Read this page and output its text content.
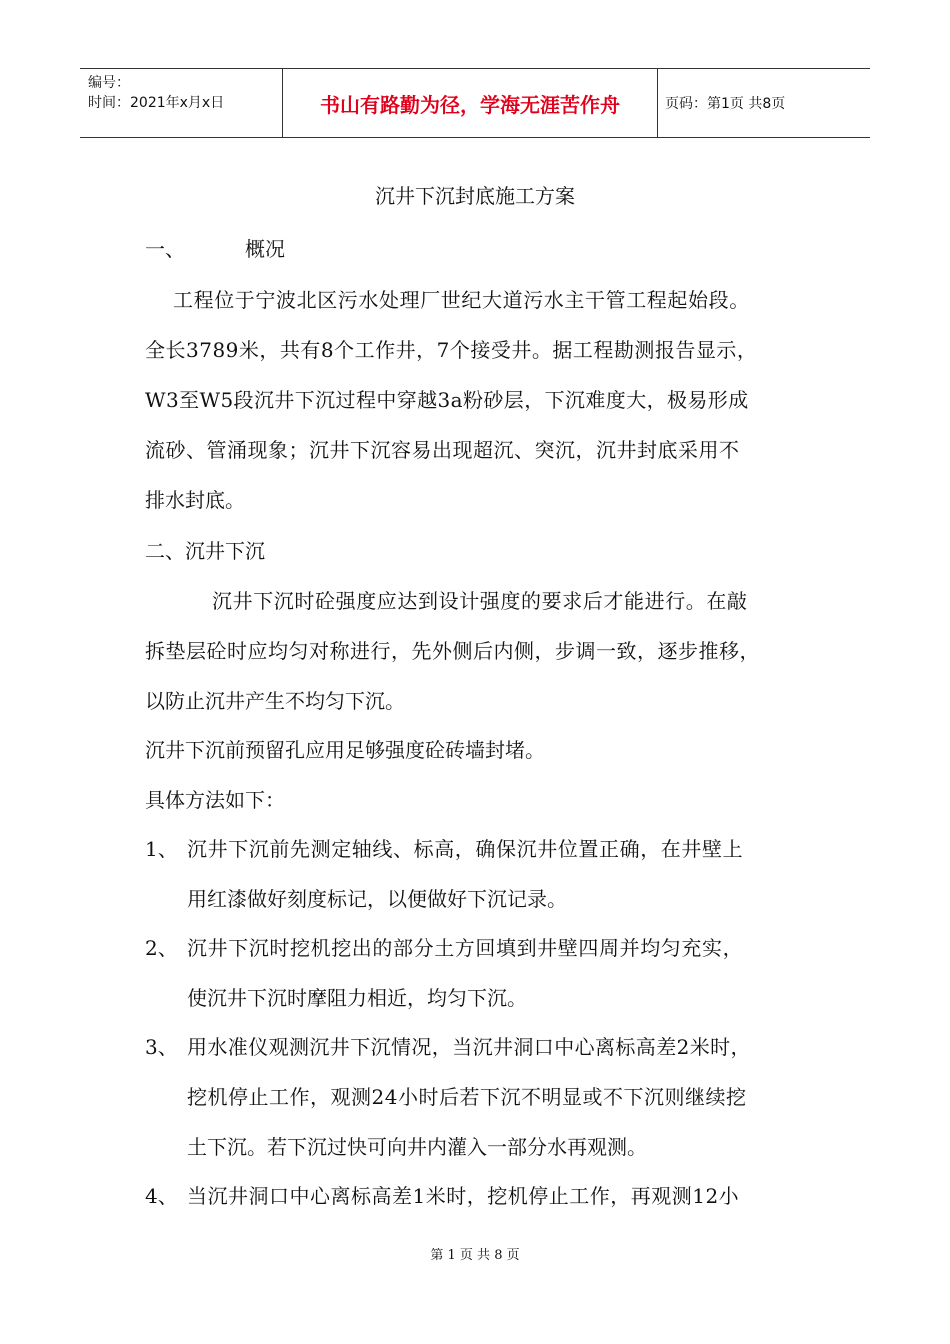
编号：
时间：2021年x月x日	书山有路勤为径，学海无涯苦作舟	页码：第1页 共8页
沉井下沉封底施工方案
一、	概况
工程位于宁波北区污水处理厂世纪大道污水主干管工程起始段。
全长3789米，共有8个工作井，7个接受井。据工程勘测报告显示，
W3至W5段沉井下沉过程中穿越3a粉砂层，下沉难度大，极易形成
流砂、管涌现象；沉井下沉容易出现超沉、突沉，沉井封底采用不
排水封底。
二、沉井下沉
沉井下沉时砼强度应达到设计强度的要求后才能进行。在敲
拆垫层砼时应均匀对称进行，先外侧后内侧，步调一致，逐步推移，
以防止沉井产生不均匀下沉。
沉井下沉前预留孔应用足够强度砼砖墙封堵。
具体方法如下：
1、 沉井下沉前先测定轴线、标高，确保沉井位置正确，在井壁上
用红漆做好刻度标记，以便做好下沉记录。
2、 沉井下沉时挖机挖出的部分土方回填到井壁四周并均匀充实，
使沉井下沉时摩阻力相近，均匀下沉。
3、 用水准仪观测沉井下沉情况，当沉井洞口中心离标高差2米时，
挖机停止工作，观测24小时后若下沉不明显或不下沉则继续挖
土下沉。若下沉过快可向井内灌入一部分水再观测。
4、 当沉井洞口中心离标高差1米时，挖机停止工作，再观测12小
第 1 页 共 8 页
